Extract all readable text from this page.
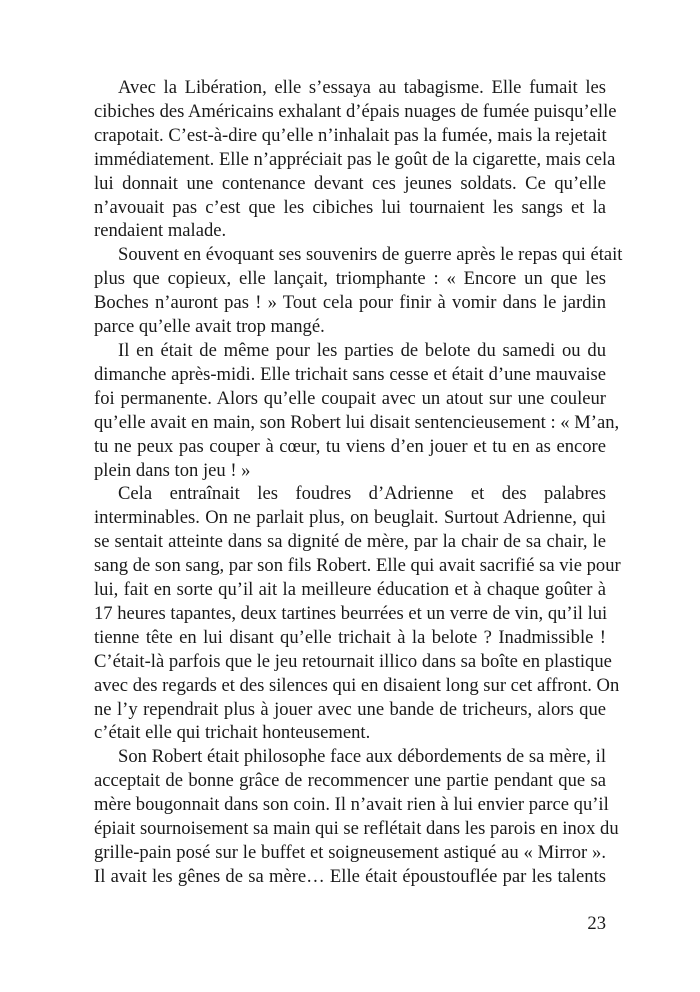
Avec la Libération, elle s’essaya au tabagisme. Elle fumait les
cibiches des Américains exhalant d’épais nuages de fumée puisqu’elle
crapotait. C’est-à-dire qu’elle n’inhalait pas la fumée, mais la rejetait
immédiatement. Elle n’appréciait pas le goût de la cigarette, mais cela
lui donnait une contenance devant ces jeunes soldats. Ce qu’elle
n’avouait pas c’est que les cibiches lui tournaient les sangs et la
rendaient malade.
Souvent en évoquant ses souvenirs de guerre après le repas qui était
plus que copieux, elle lançait, triomphante : « Encore un que les
Boches n’auront pas ! » Tout cela pour finir à vomir dans le jardin
parce qu’elle avait trop mangé.
Il en était de même pour les parties de belote du samedi ou du
dimanche après-midi. Elle trichait sans cesse et était d’une mauvaise
foi permanente. Alors qu’elle coupait avec un atout sur une couleur
qu’elle avait en main, son Robert lui disait sentencieusement : « M’an,
tu ne peux pas couper à cœur, tu viens d’en jouer et tu en as encore
plein dans ton jeu ! »
Cela entraînait les foudres d’Adrienne et des palabres
interminables. On ne parlait plus, on beuglait. Surtout Adrienne, qui
se sentait atteinte dans sa dignité de mère, par la chair de sa chair, le
sang de son sang, par son fils Robert. Elle qui avait sacrifié sa vie pour
lui, fait en sorte qu’il ait la meilleure éducation et à chaque goûter à
17 heures tapantes, deux tartines beurrées et un verre de vin, qu’il lui
tienne tête en lui disant qu’elle trichait à la belote ? Inadmissible !
C’était-là parfois que le jeu retournait illico dans sa boîte en plastique
avec des regards et des silences qui en disaient long sur cet affront. On
ne l’y rependrait plus à jouer avec une bande de tricheurs, alors que
c’était elle qui trichait honteusement.
Son Robert était philosophe face aux débordements de sa mère, il
acceptait de bonne grâce de recommencer une partie pendant que sa
mère bougonnait dans son coin. Il n’avait rien à lui envier parce qu’il
épiait sournoisement sa main qui se reflétait dans les parois en inox du
grille-pain posé sur le buffet et soigneusement astiqué au « Mirror ».
Il avait les gênes de sa mère… Elle était époustouflée par les talents
23
